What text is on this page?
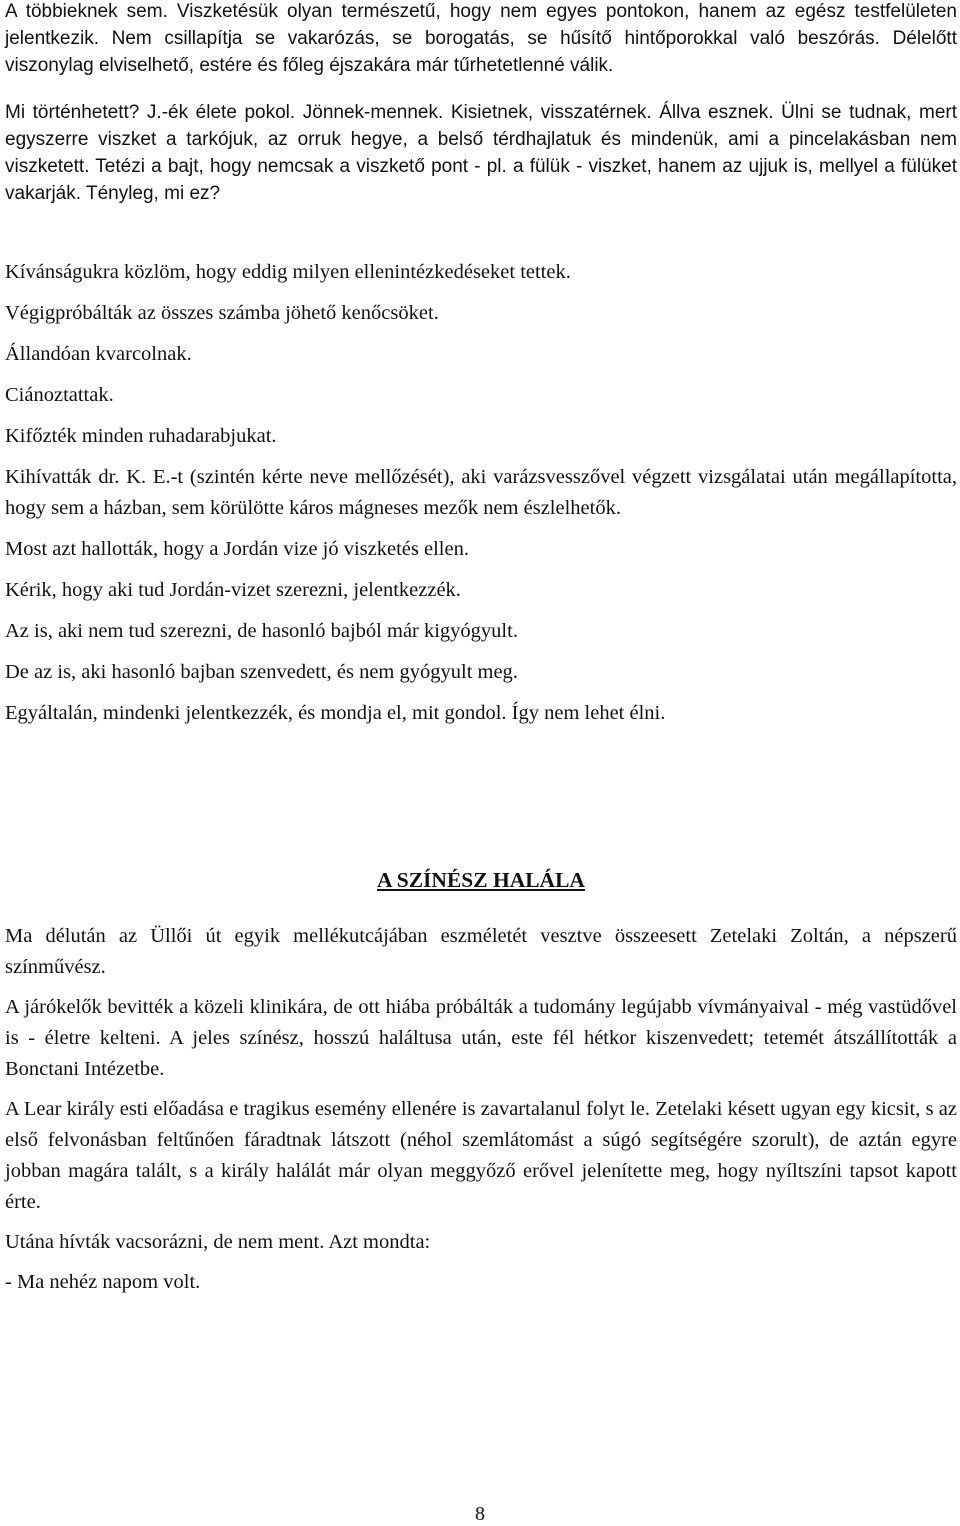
A többieknek sem. Viszketésük olyan természetű, hogy nem egyes pontokon, hanem az egész testfelületen jelentkezik. Nem csillapítja se vakarózás, se borogatás, se hűsítő hintőporokkal való beszórás. Délelőtt viszonylag elviselhető, estére és főleg éjszakára már tűrhetetlenné válik.

Mi történhetett? J.-ék élete pokol. Jönnek-mennek. Kisietnek, visszatérnek. Állva esznek. Ülni se tudnak, mert egyszerre viszket a tarkójuk, az orruk hegye, a belső térdhajlatuk és mindenük, ami a pincelakásban nem viszketett. Tetézi a bajt, hogy nemcsak a viszkető pont - pl. a fülük - viszket, hanem az ujjuk is, mellyel a fülüket vakarják. Tényleg, mi ez?

Kívánságukra közlöm, hogy eddig milyen ellenintézkedéseket tettek.

Végigpróbálták az összes számba jöhető kenőcsöket.

Állandóan kvarcolnak.

Ciánoztattak.

Kifőzték minden ruhadarabjukat.

Kihívatták dr. K. E.-t (szintén kérte neve mellőzését), aki varázsvesszővel végzett vizsgálatai után megállapította, hogy sem a házban, sem körülötte káros mágneses mezők nem észlelhetők.

Most azt hallották, hogy a Jordán vize jó viszketés ellen.

Kérik, hogy aki tud Jordán-vizet szerezni, jelentkezzék.

Az is, aki nem tud szerezni, de hasonló bajból már kigyógyult.

De az is, aki hasonló bajban szenvedett, és nem gyógyult meg.

Egyáltalán, mindenki jelentkezzék, és mondja el, mit gondol. Így nem lehet élni.

A SZÍNÉSZ HALÁLA

Ma délután az Üllői út egyik mellékutcájában eszméletét vesztve összeesett Zetelaki Zoltán, a népszerű színművész.

A járókelők bevitték a közeli klinikára, de ott hiába próbálták a tudomány legújabb vívmányaival - még vastüdővel is - életre kelteni. A jeles színész, hosszú haláltusa után, este fél hétkor kiszenvedett; tetemét átszállították a Bonctani Intézetbe.

A Lear király esti előadása e tragikus esemény ellenére is zavartalanul folyt le. Zetelaki késett ugyan egy kicsit, s az első felvonásban feltűnően fáradtnak látszott (néhol szemlátomást a súgó segítségére szorult), de aztán egyre jobban magára talált, s a király halálát már olyan meggyőző erővel jelenítette meg, hogy nyíltszíni tapsot kapott érte.

Utána hívták vacsorázni, de nem ment. Azt mondta:

- Ma nehéz napom volt.

8
